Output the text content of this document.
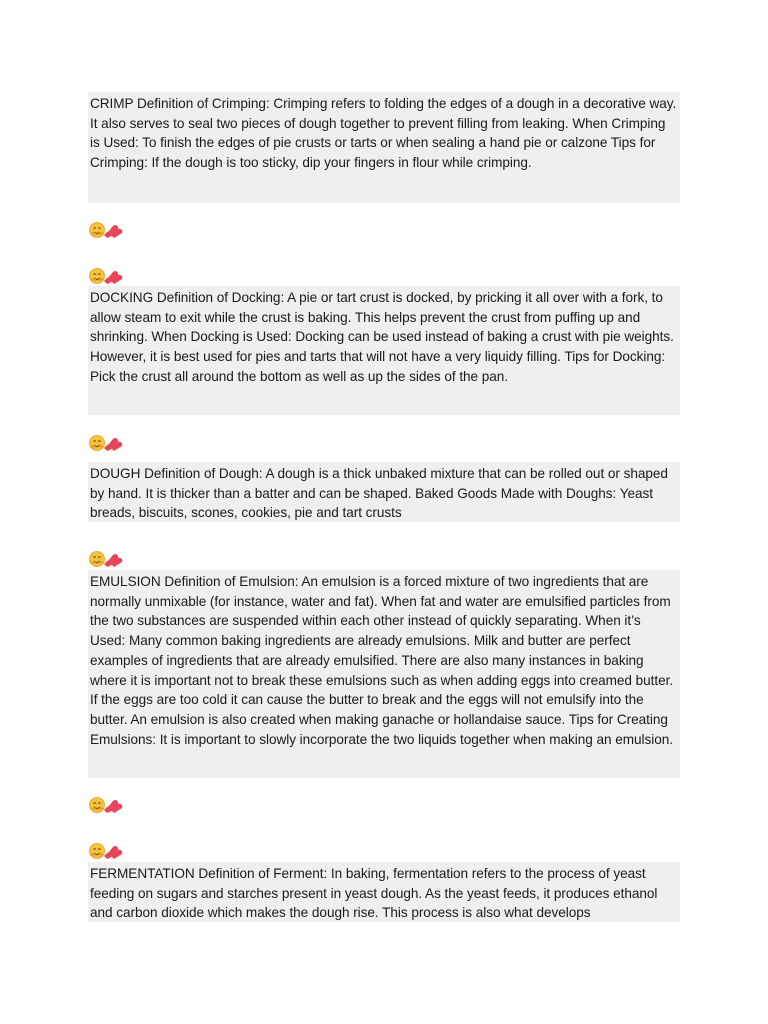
CRIMP Definition of Crimping: Crimping refers to folding the edges of a dough in a decorative way. It also serves to seal two pieces of dough together to prevent filling from leaking. When Crimping is Used: To finish the edges of pie crusts or tarts or when sealing a hand pie or calzone Tips for Crimping: If the dough is too sticky, dip your fingers in flour while crimping.

DOCKING Definition of Docking: A pie or tart crust is docked, by pricking it all over with a fork, to allow steam to exit while the crust is baking. This helps prevent the crust from puffing up and shrinking. When Docking is Used: Docking can be used instead of baking a crust with pie weights. However, it is best used for pies and tarts that will not have a very liquidy filling. Tips for Docking: Pick the crust all around the bottom as well as up the sides of the pan.

DOUGH Definition of Dough: A dough is a thick unbaked mixture that can be rolled out or shaped by hand. It is thicker than a batter and can be shaped. Baked Goods Made with Doughs: Yeast breads, biscuits, scones, cookies, pie and tart crusts

EMULSION Definition of Emulsion: An emulsion is a forced mixture of two ingredients that are normally unmixable (for instance, water and fat). When fat and water are emulsified particles from the two substances are suspended within each other instead of quickly separating. When it’s Used: Many common baking ingredients are already emulsions. Milk and butter are perfect examples of ingredients that are already emulsified. There are also many instances in baking where it is important not to break these emulsions such as when adding eggs into creamed butter. If the eggs are too cold it can cause the butter to break and the eggs will not emulsify into the butter. An emulsion is also created when making ganache or hollandaise sauce. Tips for Creating Emulsions: It is important to slowly incorporate the two liquids together when making an emulsion.

FERMENTATION Definition of Ferment: In baking, fermentation refers to the process of yeast feeding on sugars and starches present in yeast dough. As the yeast feeds, it produces ethanol and carbon dioxide which makes the dough rise. This process is also what develops
